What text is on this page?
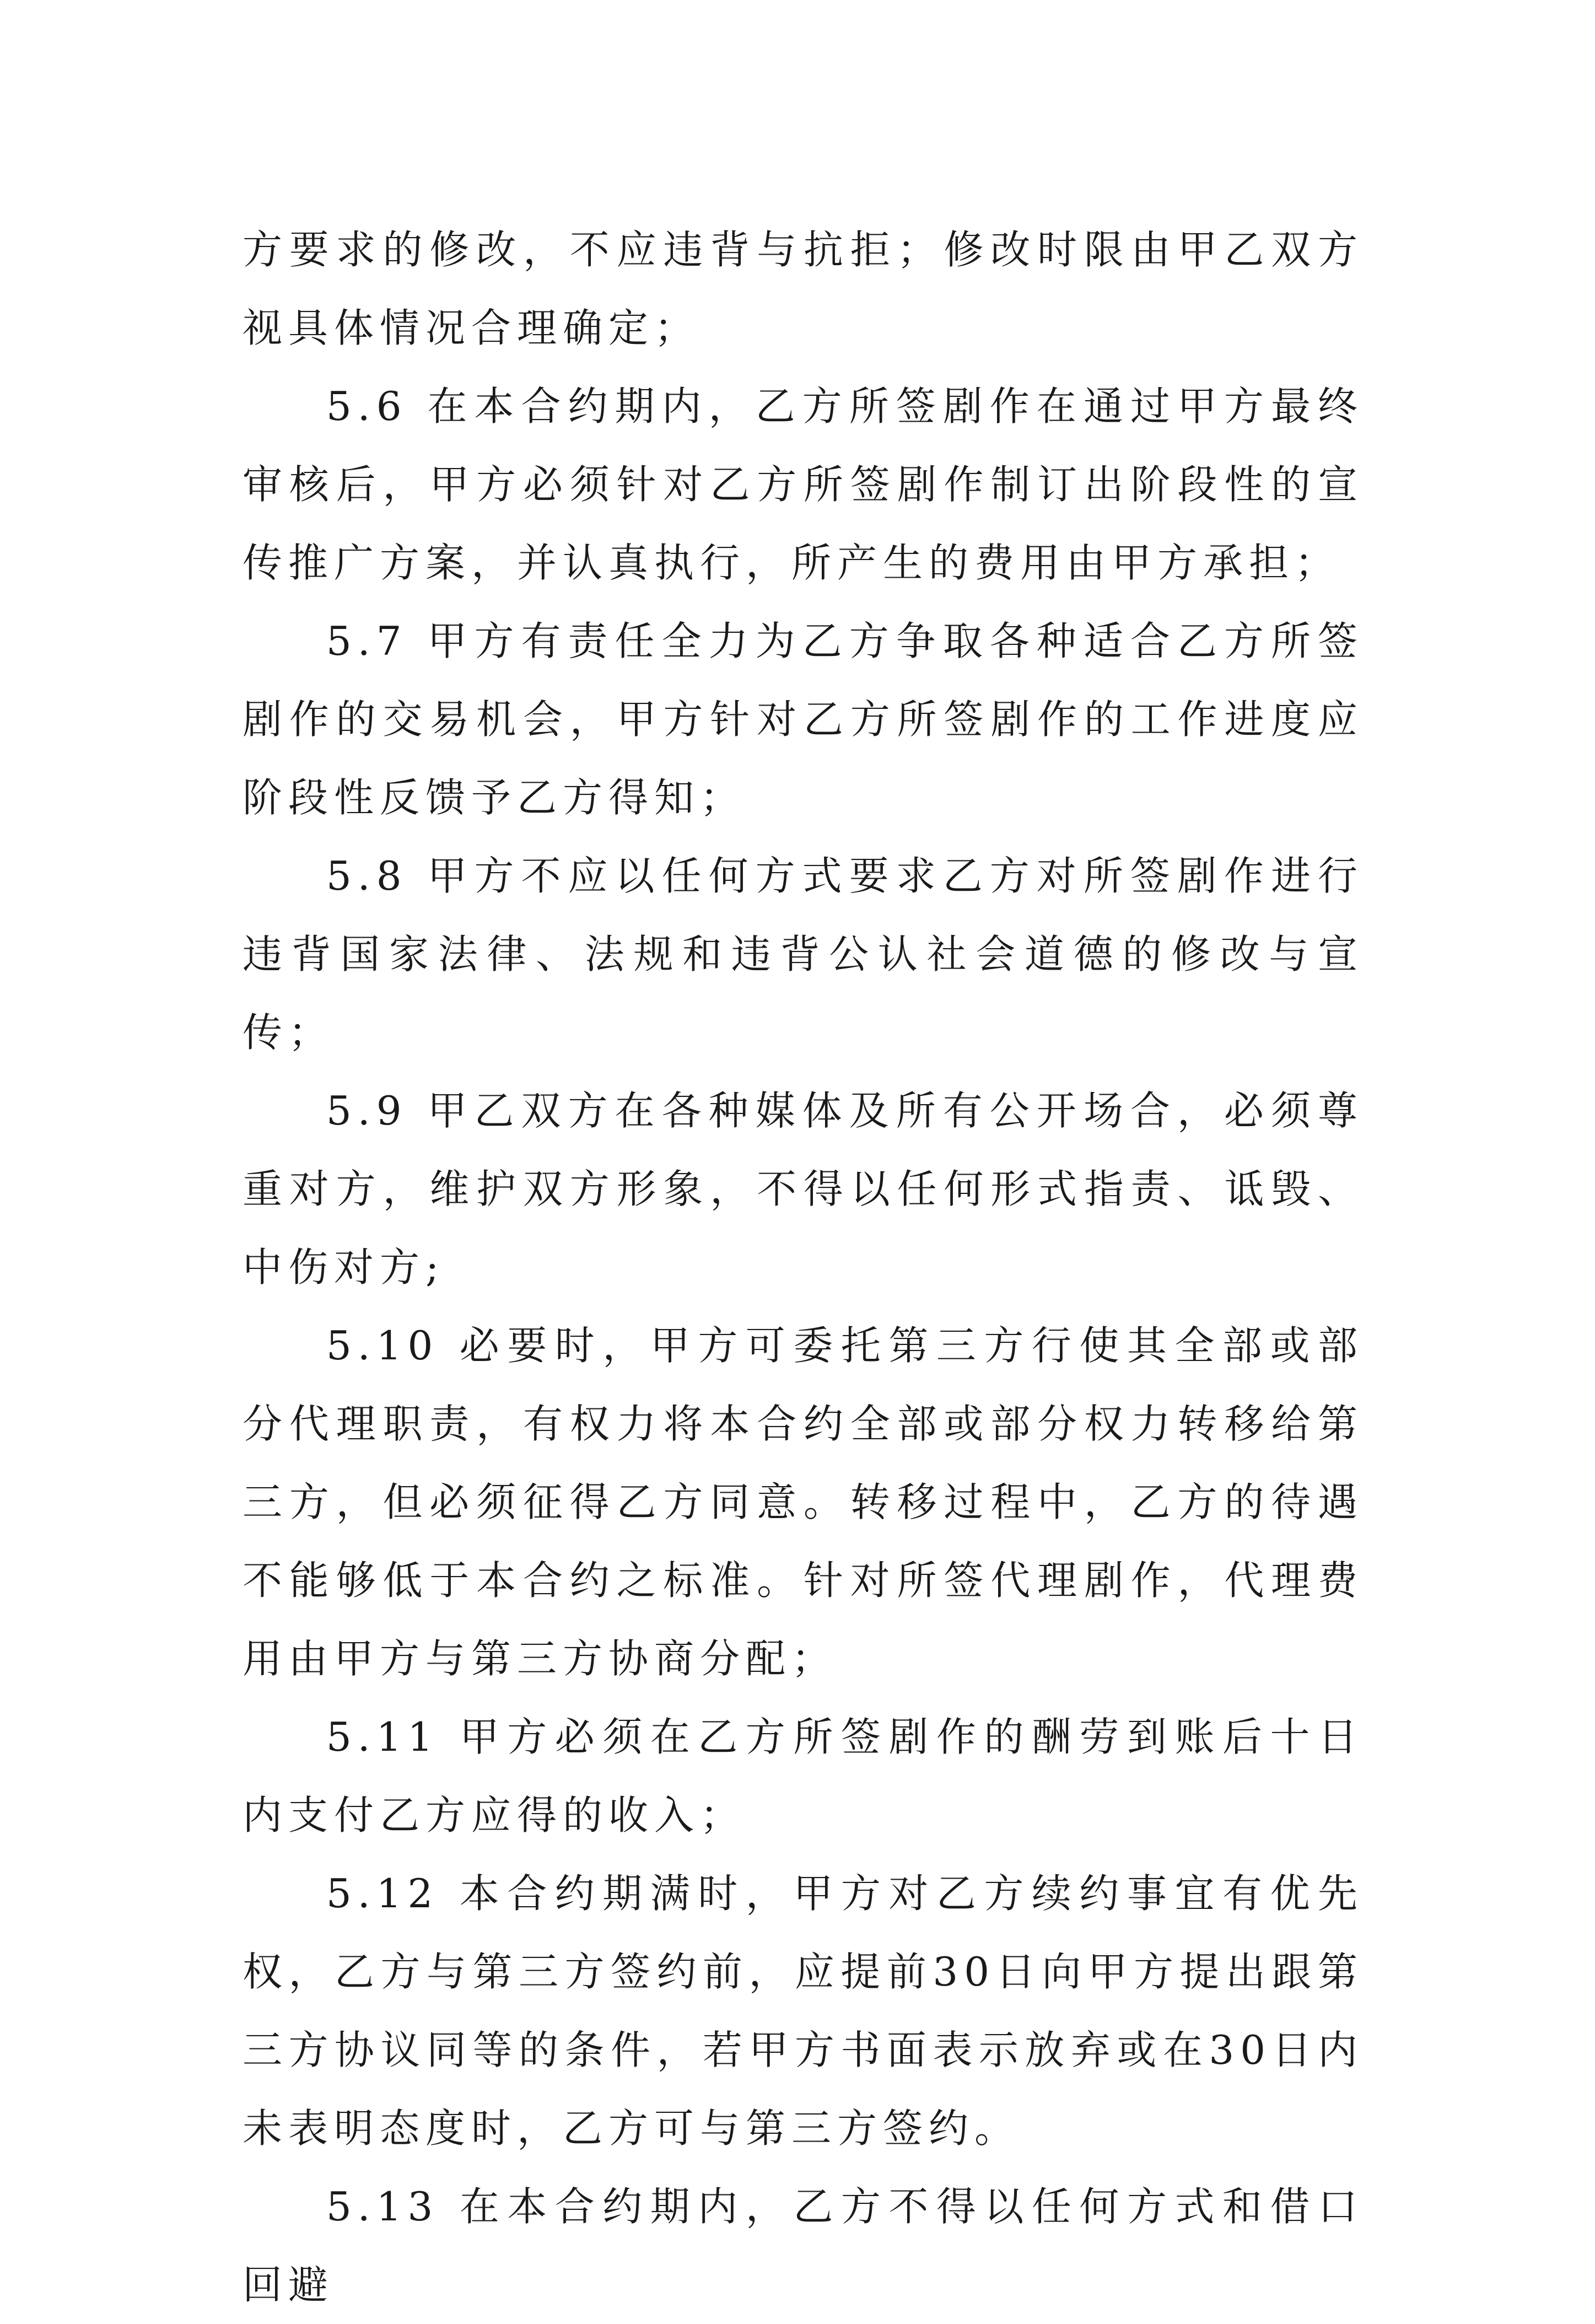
方要求的修改，不应违背与抗拒；修改时限由甲乙双方视具体情况合理确定；

5.6 在本合约期内，乙方所签剧作在通过甲方最终审核后，甲方必须针对乙方所签剧作制订出阶段性的宣传推广方案，并认真执行，所产生的费用由甲方承担；

5.7 甲方有责任全力为乙方争取各种适合乙方所签剧作的交易机会，甲方针对乙方所签剧作的工作进度应阶段性反馈予乙方得知；

5.8 甲方不应以任何方式要求乙方对所签剧作进行违背国家法律、法规和违背公认社会道德的修改与宣传；

5.9 甲乙双方在各种媒体及所有公开场合，必须尊重对方，维护双方形象，不得以任何形式指责、诋毁、中伤对方;

5.10 必要时，甲方可委托第三方行使其全部或部分代理职责，有权力将本合约全部或部分权力转移给第三方，但必须征得乙方同意。转移过程中，乙方的待遇不能够低于本合约之标准。针对所签代理剧作，代理费用由甲方与第三方协商分配；

5.11 甲方必须在乙方所签剧作的酬劳到账后十日内支付乙方应得的收入；

5.12 本合约期满时，甲方对乙方续约事宜有优先权，乙方与第三方签约前，应提前30日向甲方提出跟第三方协议同等的条件，若甲方书面表示放弃或在30日内未表明态度时，乙方可与第三方签约。

5.13 在本合约期内，乙方不得以任何方式和借口回避
